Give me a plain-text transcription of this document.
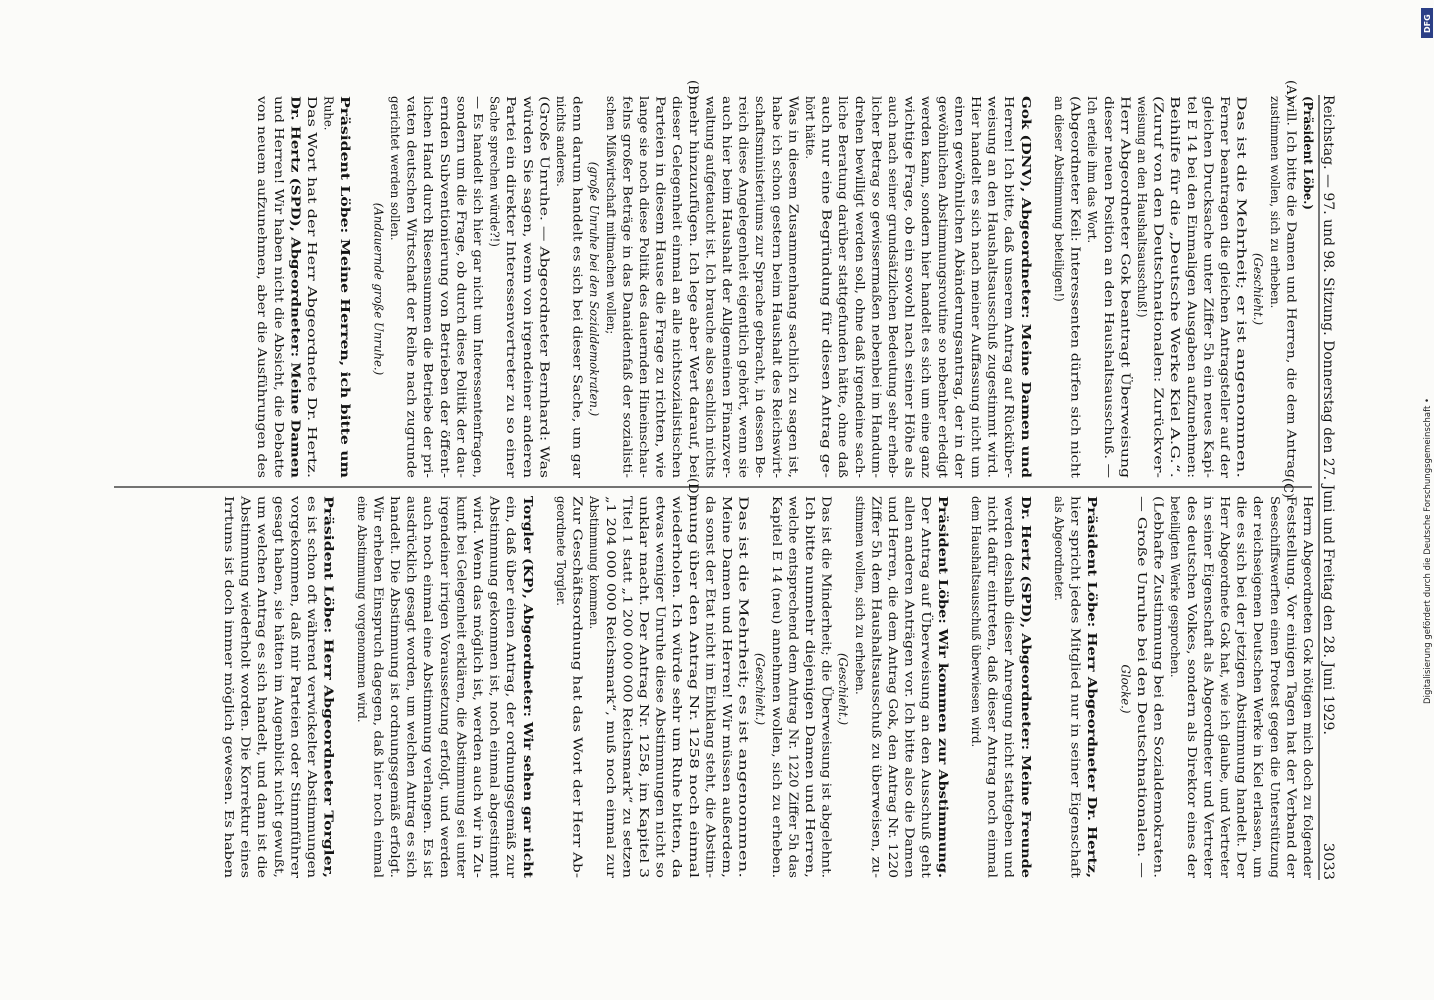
Reichstag. — 97. und 98. Sitzung. Donnerstag den 27. Juni und Freitag den 28. Juni 1929.
3033
(Präsident Löbe.)
will. Ich bitte die Damen und Herren, die dem Antrag
zustimmen wollen, sich zu erheben.
(Geschieht.)
Das ist die Mehrheit; er ist angenommen.
Ferner beantragen die gleichen Antragsteller auf der
gleichen Drucksache unter Ziffer 5h ein neues Kapi-
tel E 14 bei den Einmaligen Ausgaben aufzunehmen:
Beihilfe für die „Deutsche Werke Kiel A.G.“.
(Zuruf von den Deutschnationalen: Zurückver-
weisung an den Haushaltsausschuß!)
Herr Abgeordneter Gok beantragt Überweisung
dieser neuen Position an den Haushaltsausschuß. —
Ich erteile ihm das Wort.
(Abgeordneter Keil: Interessenten dürfen sich nicht
an dieser Abstimmung beteiligen!)
Gok (DNV), Abgeordneter: Meine Damen und
Herren! Ich bitte, daß unserem Antrag auf Rücküber-
weisung an den Haushaltsausschuß zugestimmt wird.
Hier handelt es sich nach meiner Auffassung nicht um
einen gewöhnlichen Abänderungsantrag, der in der
gewöhnlichen Abstimmungsroutine so nebenher erledigt
werden kann, sondern hier handelt es sich um eine ganz
wichtige Frage, ob ein sowohl nach seiner Höhe als
auch nach seiner grundsätzlichen Bedeutung sehr erheb-
licher Betrag so gewissermaßen nebenbei im Handum-
drehen bewilligt werden soll, ohne daß irgendeine sach-
liche Beratung darüber stattgefunden hätte, ohne daß
auch nur eine Begründung für diesen Antrag ge-
hört hätte.
Was in diesem Zusammenhang sachlich zu sagen ist,
habe ich schon gestern beim Haushalt des Reichswirt-
schaftsministeriums zur Sprache gebracht, in dessen Be-
reich diese Angelegenheit eigentlich gehört, wenn sie
auch hier beim Haushalt der Allgemeinen Finanzver-
waltung aufgetaucht ist. Ich brauche also sachlich nichts
mehr hinzuzufügen. Ich lege aber Wert darauf, bei
dieser Gelegenheit einmal an alle nichtsozialistischen
Parteien in diesem Hause die Frage zu richten, wie
lange sie noch diese Politik des dauernden Hineinschau-
felns großer Beträge in das Danaidenfaß der sozialisti-
schen Mißwirtschaft mitmachen wollen;
(große Unruhe bei den Sozialdemokraten.)
denn darum handelt es sich bei dieser Sache, um gar
nichts anderes.
(Große Unruhe. — Abgeordneter Bernhard: Was
würden Sie sagen, wenn von irgendeiner anderen
Partei ein direkter Interessenvertreter zu so einer
Sache sprechen würde?!)
— Es handelt sich hier gar nicht um Interessentenfragen,
sondern um die Frage, ob durch diese Politik der dau-
ernden Subventionierung von Betrieben der öffent-
lichen Hand durch Riesensummen die Betriebe der pri-
vaten deutschen Wirtschaft der Reihe nach zugrunde
gerichtet werden sollen.
(Andauernde große Unruhe.)
Präsident Löbe: Meine Herren, ich bitte um
Ruhe.
Das Wort hat der Herr Abgeordnete Dr. Hertz.
Dr. Hertz (SPD), Abgeordneter: Meine Damen
und Herren! Wir haben nicht die Absicht, die Debatte
von neuem aufzunehmen, aber die Ausführungen des
Herrn Abgeordneten Gok nötigen mich doch zu folgender
Feststellung. Vor einigen Tagen hat der Verband der
Seeschiffswerften einen Protest gegen die Unterstützung
der reichseigenen Deutschen Werke in Kiel erlassen, um
die es sich bei der jetzigen Abstimmung handelt. Der
Herr Abgeordnete Gok hat, wie ich glaube, und Vertreter
in seiner Eigenschaft als Abgeordneter und Vertreter
des deutschen Volkes, sondern als Direktor eines der
beteiligten Werke gesprochen.
(Lebhafte Zustimmung bei den Sozialdemokraten.
— Große Unruhe bei den Deutschnationalen. —
Glocke.)
Präsident Löbe: Herr Abgeordneter Dr. Hertz,
hier spricht jedes Mitglied nur in seiner Eigenschaft
als Abgeordneter.
Dr. Hertz (SPD), Abgeordneter: Meine Freunde
werden deshalb dieser Anregung nicht stattgeben und
nicht dafür eintreten, daß dieser Antrag noch einmal
dem Haushaltsausschuß überwiesen wird.
Präsident Löbe: Wir kommen zur Abstimmung.
Der Antrag auf Überweisung an den Ausschuß geht
allen anderen Anträgen vor. Ich bitte also die Damen
und Herren, die dem Antrag Gok, den Antrag Nr. 1220
Ziffer 5h dem Haushaltsausschuß zu überweisen, zu-
stimmen wollen, sich zu erheben.
(Geschieht.)
Das ist die Minderheit; die Überweisung ist abgelehnt.
Ich bitte nunmehr diejenigen Damen und Herren,
welche entsprechend dem Antrag Nr. 1220 Ziffer 5h das
Kapitel E 14 (neu) annehmen wollen, sich zu erheben.
(Geschieht.)
Das ist die Mehrheit; es ist angenommen.
Meine Damen und Herren! Wir müssen außerdem,
da sonst der Etat nicht im Einklang steht, die Abstim-
mung über den Antrag Nr. 1258 noch einmal
wiederholen. Ich würde sehr um Ruhe bitten, da
etwas weniger Unruhe diese Abstimmungen nicht so
unklar macht. Der Antrag Nr. 1258, im Kapitel 3
Titel 1 statt „1 200 000 000 Reichsmark“ zu setzen
„1 204 000 000 Reichsmark“, muß noch einmal zur
Abstimmung kommen.
Zur Geschäftsordnung hat das Wort der Herr Ab-
geordnete Torgler.
Torgler (KP), Abgeordneter: Wir sehen gar nicht
ein, daß über einen Antrag, der ordnungsgemäß zur
Abstimmung gekommen ist, noch einmal abgestimmt
wird. Wenn das möglich ist, werden auch wir in Zu-
kunft bei Gelegenheit erklären, die Abstimmung sei unter
irgendeiner irrigen Voraussetzung erfolgt, und werden
auch noch einmal eine Abstimmung verlangen. Es ist
ausdrücklich gesagt worden, um welchen Antrag es sich
handelt. Die Abstimmung ist ordnungsgemäß erfolgt.
Wir erheben Einspruch dagegen, daß hier noch einmal
eine Abstimmung vorgenommen wird.
Präsident Löbe: Herr Abgeordneter Torgler,
es ist schon oft während verwickelter Abstimmungen
vorgekommen, daß mir Parteien oder Stimmführer
gesagt haben, sie hätten im Augenblick nicht gewußt,
um welchen Antrag es sich handelt, und dann ist die
Abstimmung wiederholt worden. Die Korrektur eines
Irrtums ist doch immer möglich gewesen. Es haben
(A)
(B)
(C)
(D)
DFG
Digitalisierung gefördert durch die Deutsche Forschungsgemeinschaft •
